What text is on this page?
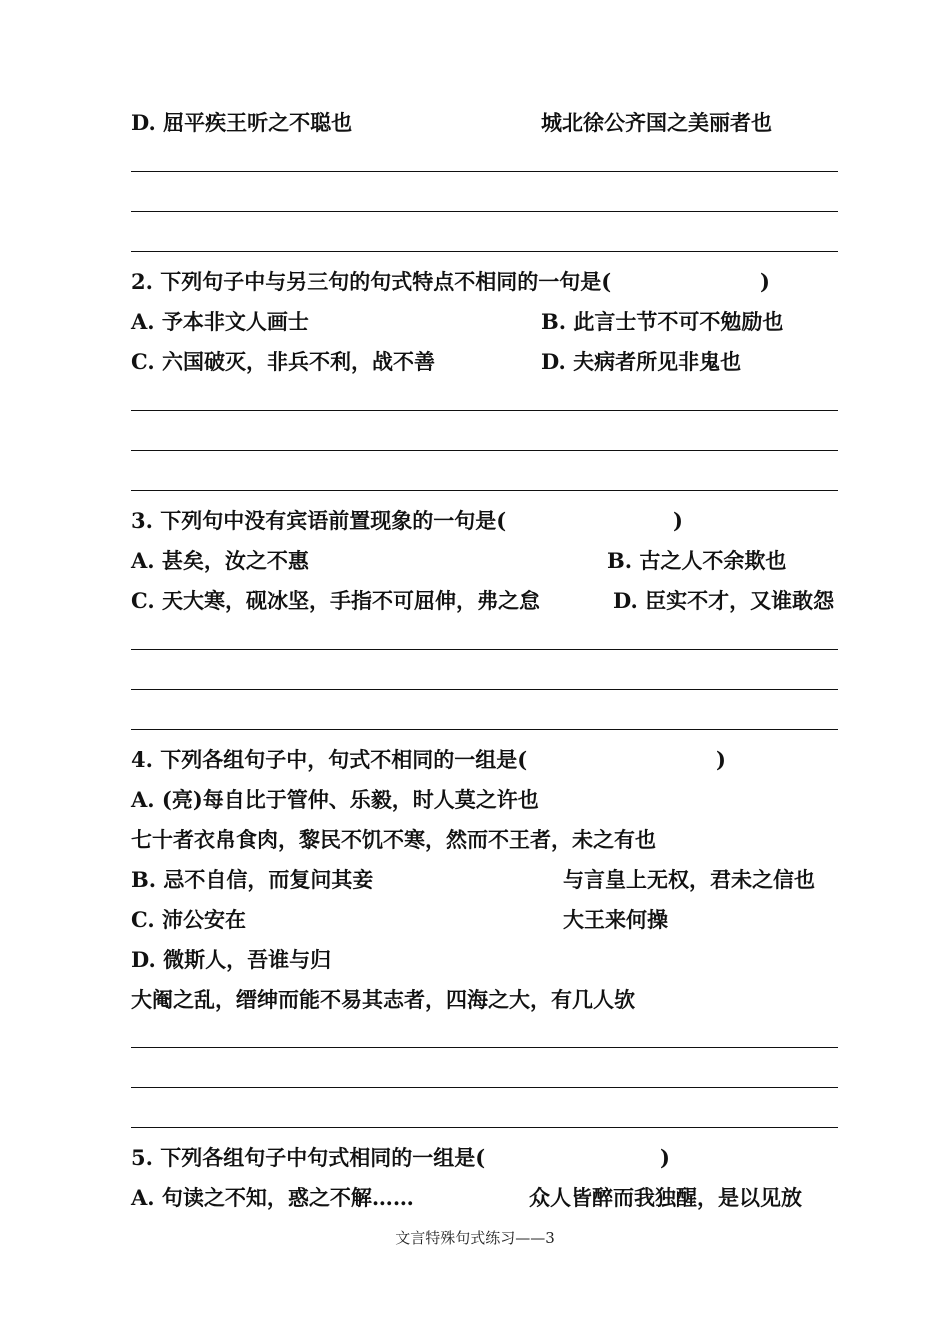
D. 屈平疾王听之不聪也	城北徐公齐国之美丽者也
2. 下列句子中与另三句的句式特点不相同的一句是(	)
A. 予本非文人画士	B. 此言士节不可不勉励也
C. 六国破灭，非兵不利，战不善	D. 夫病者所见非鬼也
3. 下列句中没有宾语前置现象的一句是(	)
A. 甚矣，汝之不惠	B. 古之人不余欺也
C. 天大寒，砚冰坚，手指不可屈伸，弗之怠	D. 臣实不才，又谁敢怨
4. 下列各组句子中，句式不相同的一组是(	)
A. (亮)每自比于管仲、乐毅，时人莫之许也
七十者衣帛食肉，黎民不饥不寒，然而不王者，未之有也
B. 忌不自信，而复问其妾	与言皇上无权，君未之信也
C. 沛公安在	大王来何操
D. 微斯人，吾谁与归
大阉之乱，缙绅而能不易其志者，四海之大，有几人欤
5. 下列各组句子中句式相同的一组是(	)
A. 句读之不知，惑之不解……	众人皆醉而我独醒，是以见放
文言特殊句式练习——3
